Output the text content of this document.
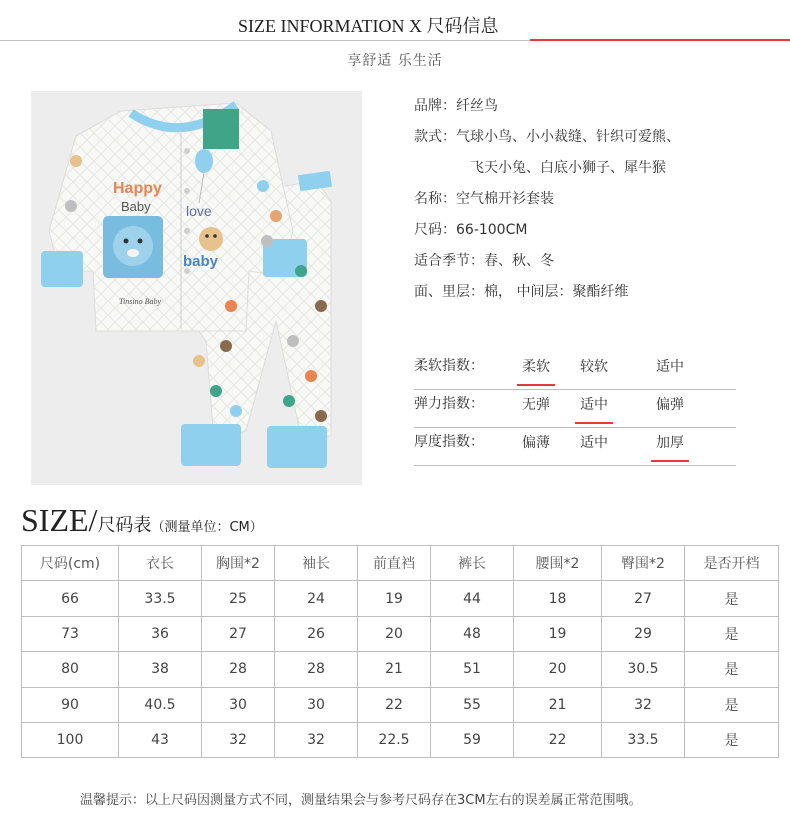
SIZE INFORMATION X 尺码信息
享舒适 乐生活
Happy
Baby	love
baby
Tinsino Baby
品牌：纤丝鸟
款式：气球小鸟、小小裁缝、针织可爱熊、
飞天小兔、白底小狮子、犀牛猴
名称：空气棉开衫套装
尺码：66-100CM
适合季节：春、秋、冬
面、里层：棉， 中间层：聚酯纤维
柔软指数：	柔软 较软	适中
弹力指数：	无弹 适中	偏弹
厚度指数：	偏薄 适中	加厚
SIZE/尺码表（测量单位：CM）
尺码(cm)	衣长	胸围*2	袖长	前直裆	裤长	腰围*2	臀围*2	是否开档
66	33.5	25	24	19	44	18	27	是
73	36	27	26	20	48	19	29	是
80	38	28	28	21	51	20	30.5	是
90	40.5	30	30	22	55	21	32	是
100	43	32	32	22.5	59	22	33.5	是
温馨提示：以上尺码因测量方式不同，测量结果会与参考尺码存在3CM左右的误差属正常范围哦。
